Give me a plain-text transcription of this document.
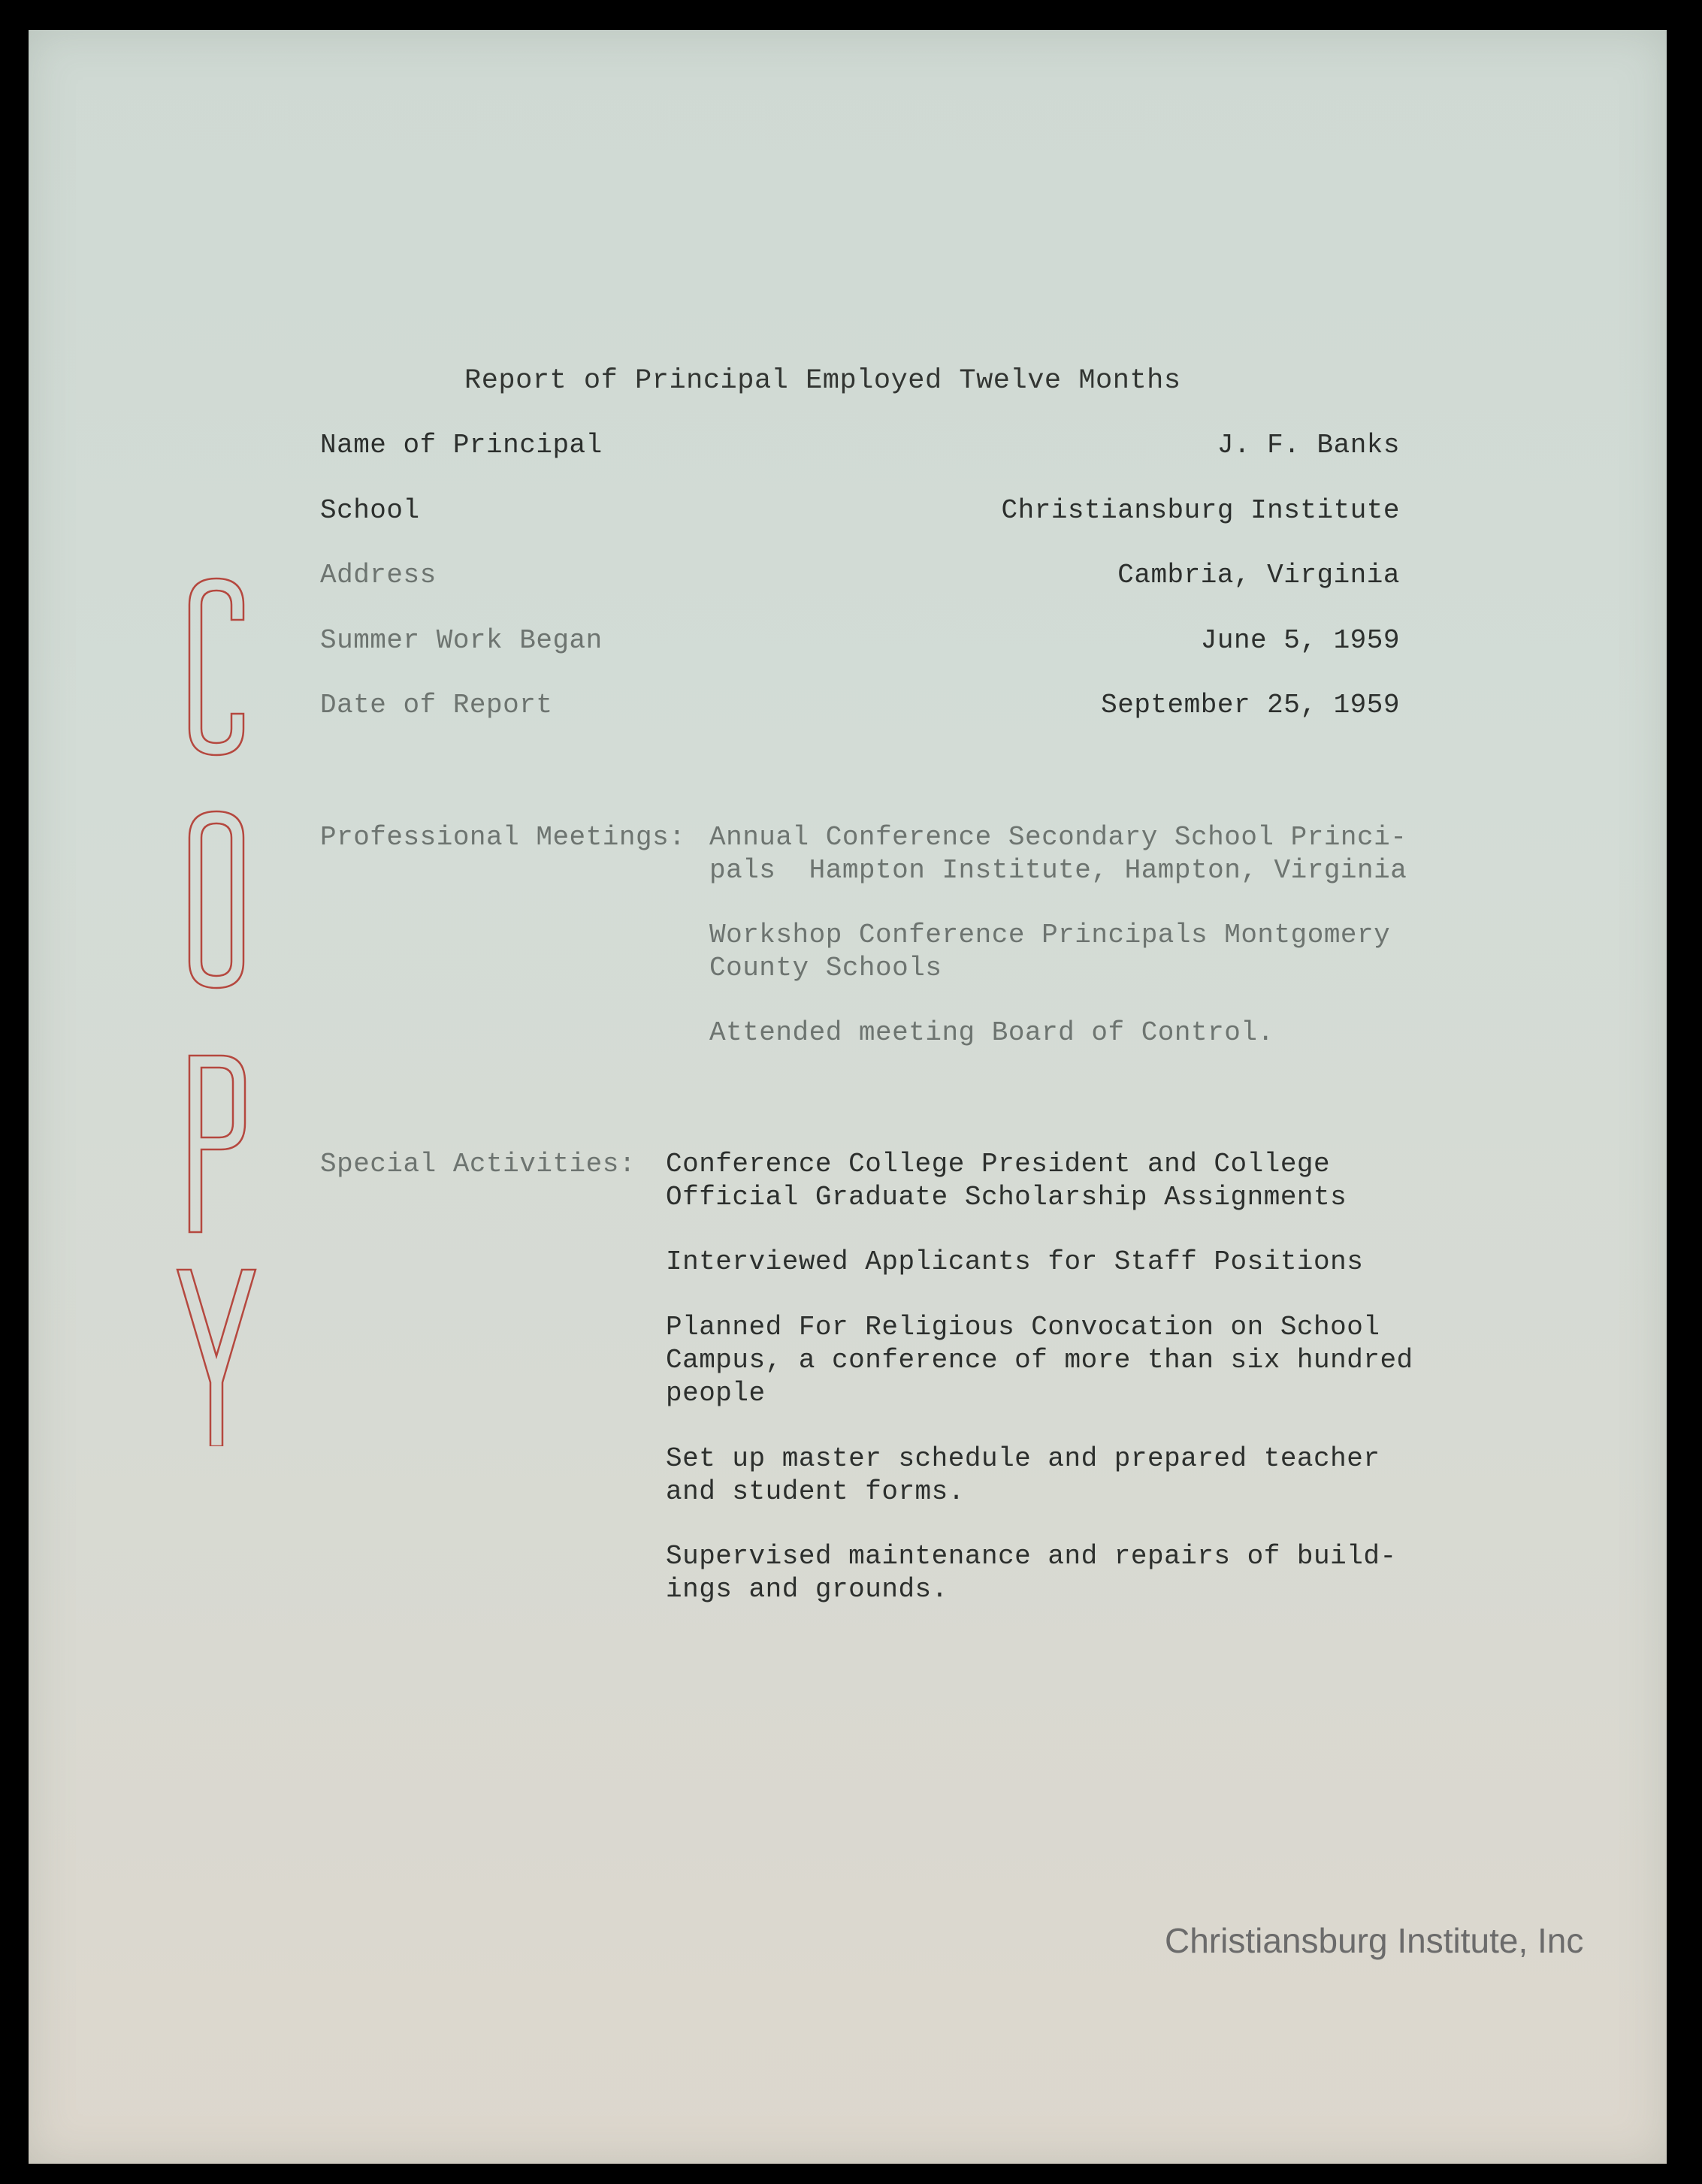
Report of Principal Employed Twelve Months
Name of Principal	J. F. Banks
School	Christiansburg Institute
Address	Cambria, Virginia
Summer Work Began	June 5, 1959
Date of Report	September 25, 1959
Professional Meetings: Annual Conference Secondary School Princi-
pals  Hampton Institute, Hampton, Virginia
Workshop Conference Principals Montgomery
County Schools
Attended meeting Board of Control.
Special Activities: Conference College President and College
Official Graduate Scholarship Assignments
Interviewed Applicants for Staff Positions
Planned For Religious Convocation on School
Campus, a conference of more than six hundred
people
Set up master schedule and prepared teacher
and student forms.
Supervised maintenance and repairs of build-
ings and grounds.
Christiansburg Institute, Inc
